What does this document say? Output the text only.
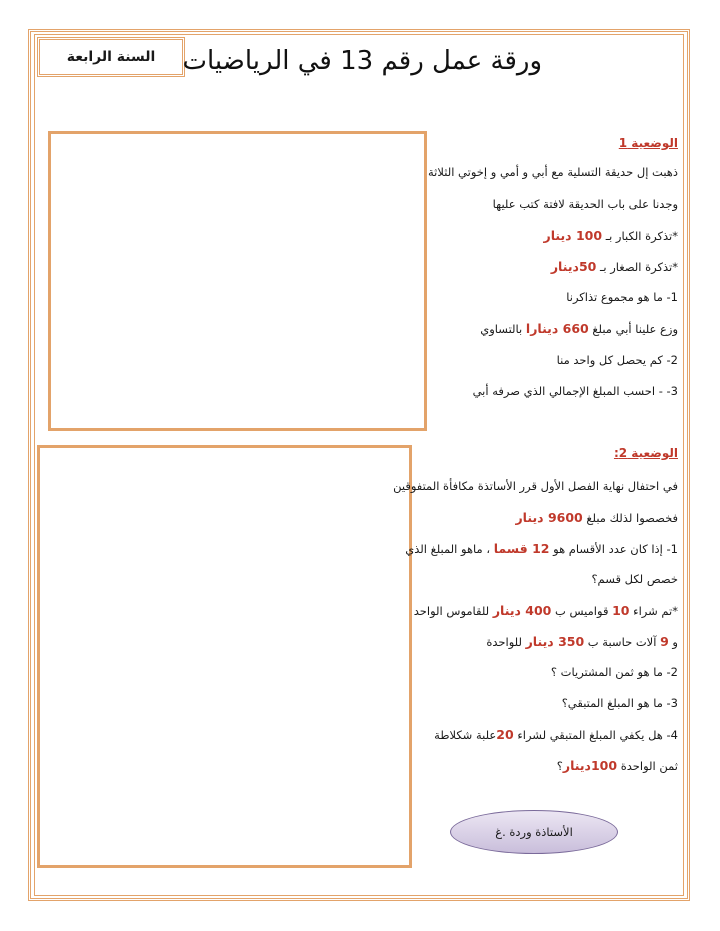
السنة الرابعة ورقة عمل رقم 13 في الرياضيات
الوضعية 1
ذهبت إل حديقة التسلية مع أبي و أمي و إخوتي الثلاثة
وجدنا على باب الحديقة لافتة كتب عليها
*تذكرة الكبار بـ 100 دينار
*تذكرة الصغار بـ 50دينار
1- ما هو مجموع تذاكرنا
وزع علينا أبي مبلغ 660 دينارا بالتساوي
2- كم يحصل كل واحد منا
3- - احسب المبلغ الإجمالي الذي صرفه أبي
الوضعية 2:
في احتفال نهاية الفصل الأول قرر الأساتذة مكافأة المتفوقين
فخصصوا لذلك مبلغ 9600 دينار
1- إذا كان عدد الأقسام هو 12 قسما ، ماهو المبلغ الذي
خصص لكل قسم؟
*تم شراء 10 قواميس ب 400 دينار للقاموس الواحد
و 9 آلات حاسبة ب 350 دينار للواحدة
2- ما هو ثمن المشتريات ؟
3- ما هو المبلغ المتبقي؟
4- هل يكفي المبلغ المتبقي لشراء 20علبة شكلاطة
ثمن الواحدة 100دينار؟
الأستاذة وردة .غ
